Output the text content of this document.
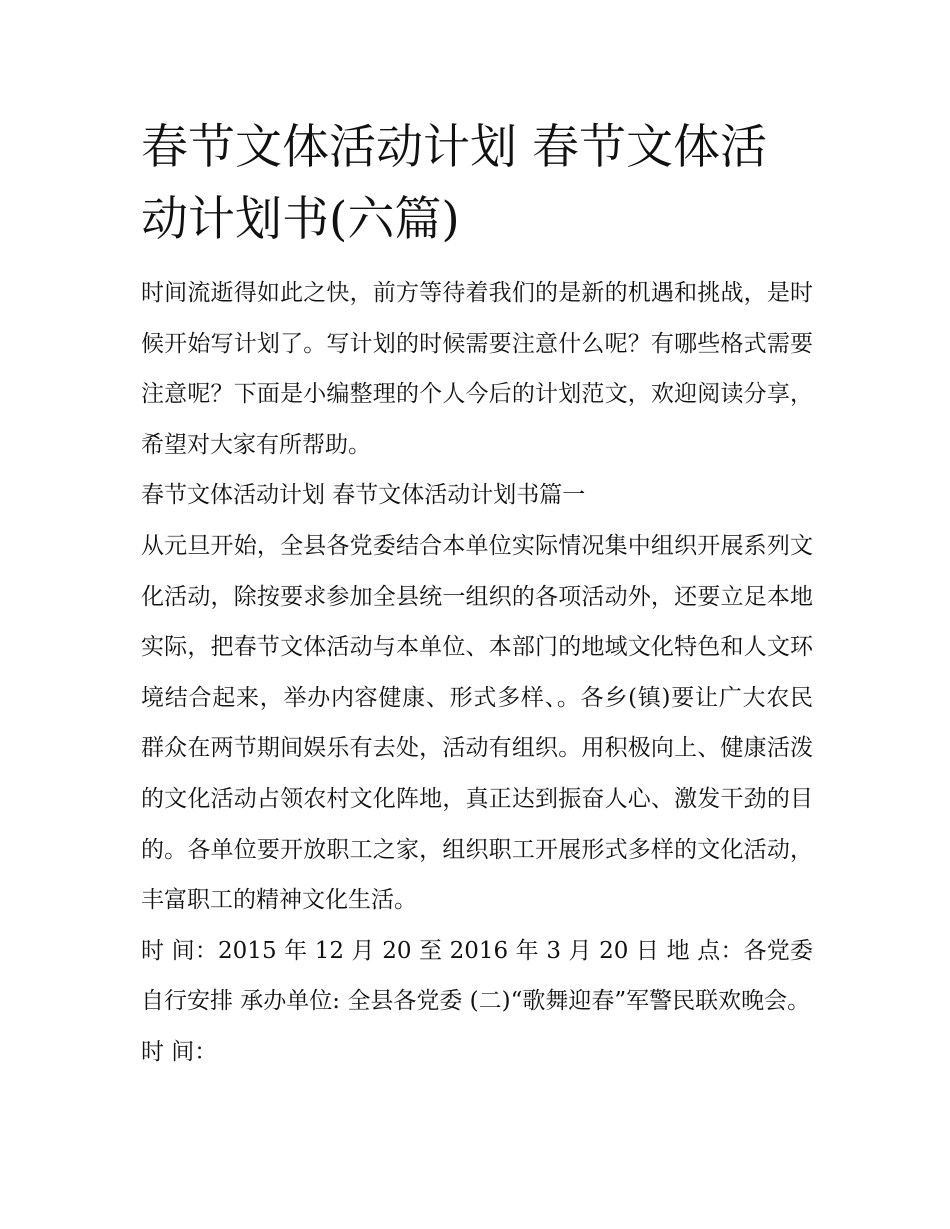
春节文体活动计划 春节文体活动计划书(六篇)

时间流逝得如此之快，前方等待着我们的是新的机遇和挑战，是时候开始写计划了。写计划的时候需要注意什么呢？有哪些格式需要注意呢？下面是小编整理的个人今后的计划范文，欢迎阅读分享，希望对大家有所帮助。

春节文体活动计划 春节文体活动计划书篇一

从元旦开始，全县各党委结合本单位实际情况集中组织开展系列文化活动，除按要求参加全县统一组织的各项活动外，还要立足本地实际，把春节文体活动与本单位、本部门的地域文化特色和人文环境结合起来，举办内容健康、形式多样、。各乡(镇)要让广大农民群众在两节期间娱乐有去处，活动有组织。用积极向上、健康活泼的文化活动占领农村文化阵地，真正达到振奋人心、激发干劲的目的。各单位要开放职工之家，组织职工开展形式多样的文化活动，丰富职工的精神文化生活。

时 间：2015 年 12 月 20 至 2016 年 3 月 20 日 地 点：各党委自行安排 承办单位: 全县各党委 (二)“歌舞迎春”军警民联欢晚会。

时 间：
